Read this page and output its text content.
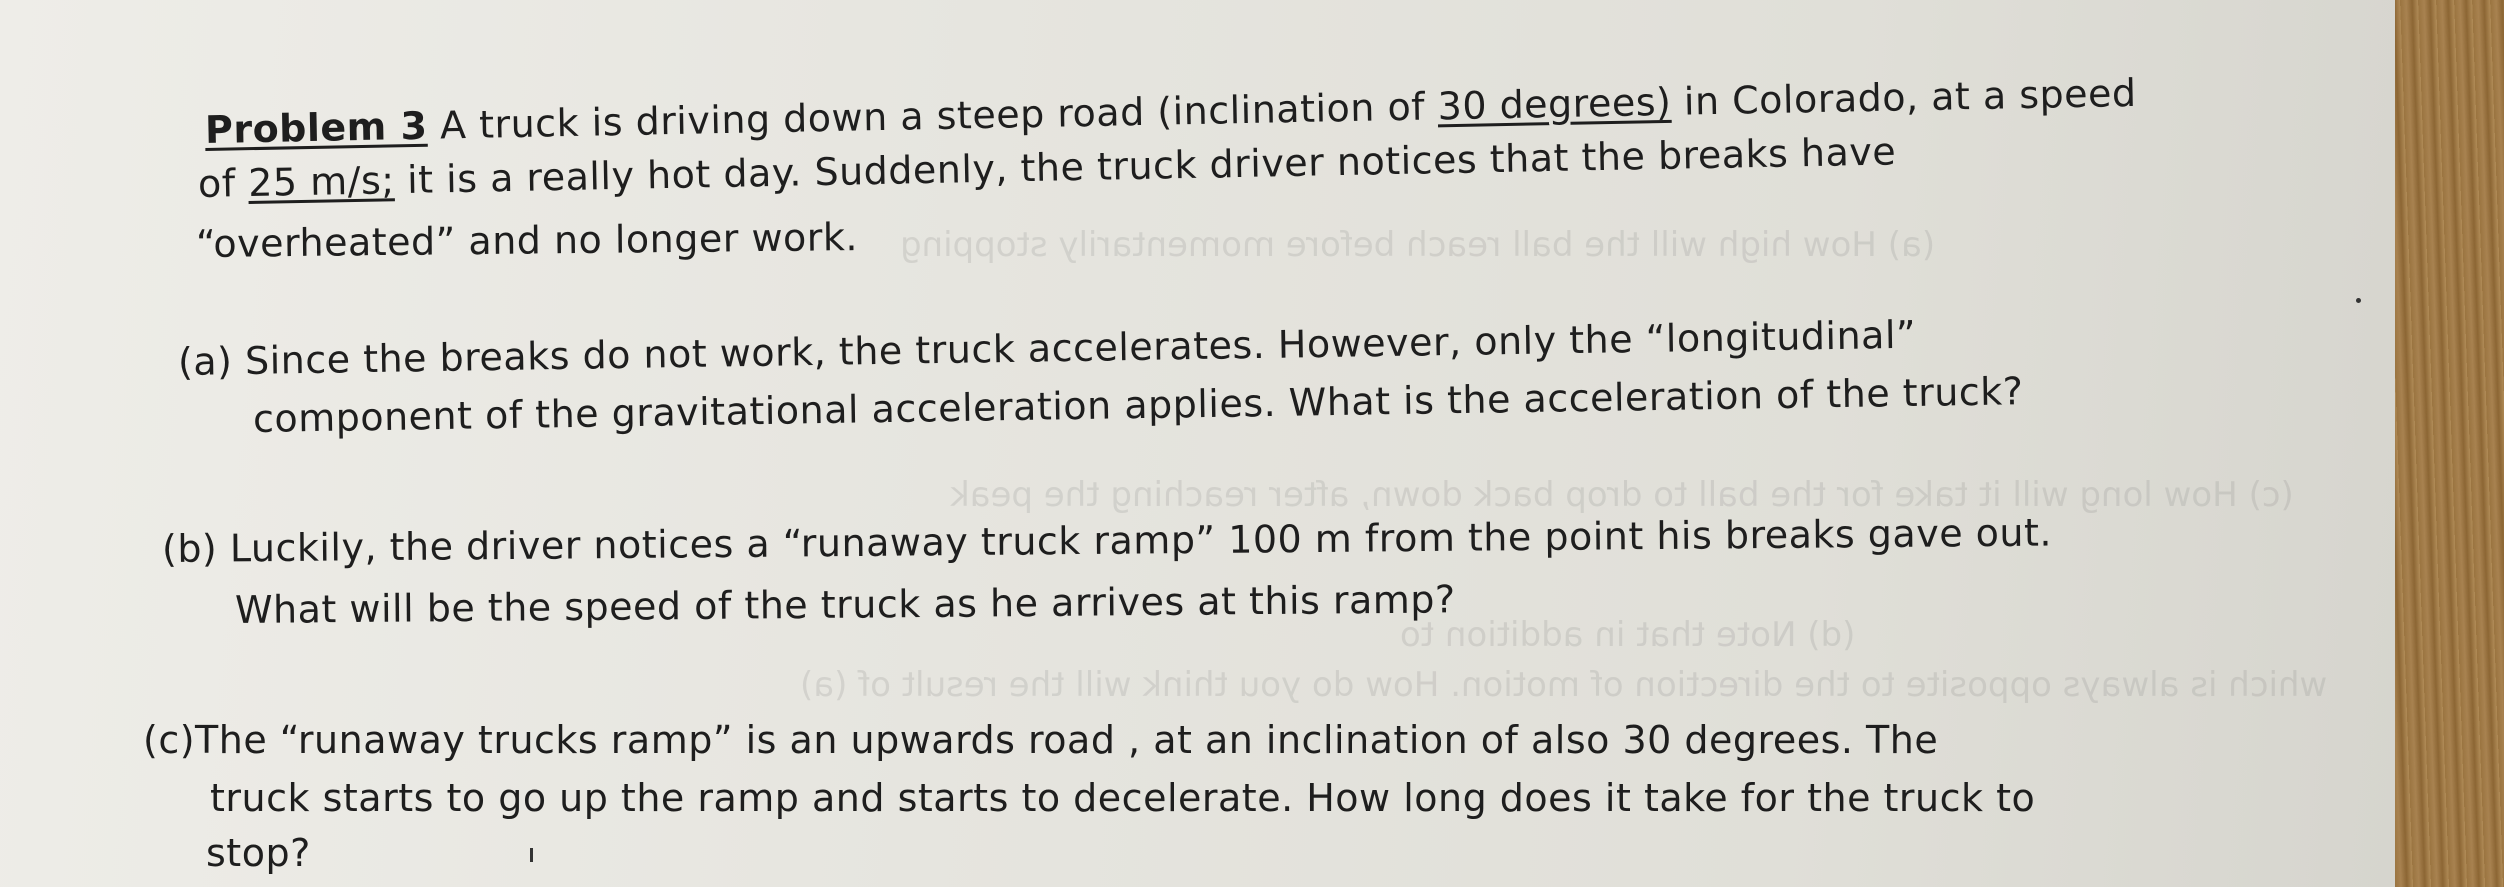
(a) How high will the ball reach before momentarily stopping
(c) How long will it take for the ball to drop back down, after reaching the peak
(d) Note that in addition to
which is always opposite to the direction of motion. How do you think will the result of (a)
Problem 3 A truck is driving down a steep road (inclination of 30 degrees) in Colorado, at a speed
of 25 m/s; it is a really hot day. Suddenly, the truck driver notices that the breaks have
“overheated” and no longer work.
(a) Since the breaks do not work, the truck accelerates. However, only the “longitudinal”
component of the gravitational acceleration applies. What is the acceleration of the truck?
(b) Luckily, the driver notices a “runaway truck ramp” 100 m from the point his breaks gave out.
What will be the speed of the truck as he arrives at this ramp?
(c)The “runaway trucks ramp” is an upwards road , at an inclination of also 30 degrees. The
truck starts to go up the ramp and starts to decelerate. How long does it take for the truck to
stop?
